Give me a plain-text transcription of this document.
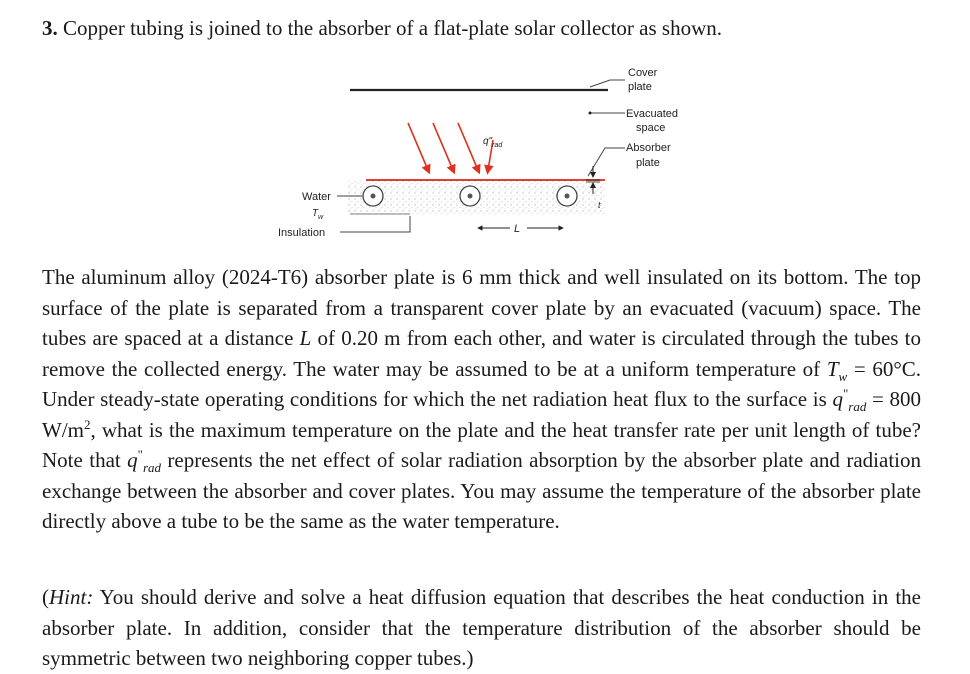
3. Copper tubing is joined to the absorber of a flat-plate solar collector as shown.
Cover
plate
Evacuated
space
Absorber
plate
$q"_{rad}$
t
L
Water
$T_w$
Insulation
The aluminum alloy (2024-T6) absorber plate is 6 mm thick and well insulated on its bottom. The top surface of the plate is separated from a transparent cover plate by an evacuated (vacuum) space. The tubes are spaced at a distance L of 0.20 m from each other, and water is circulated through the tubes to remove the collected energy. The water may be assumed to be at a uniform temperature of $T_w = 60^\circ C$. Under steady-state operating conditions for which the net radiation heat flux to the surface is $q^"_{rad} = 800$ $W/m^2$, what is the maximum temperature on the plate and the heat transfer rate per unit length of tube? Note that $q^"_{rad}$ represents the net effect of solar radiation absorption by the absorber plate and radiation exchange between the absorber and cover plates. You may assume the temperature of the absorber plate directly above a tube to be the same as the water temperature.
(Hint: You should derive and solve a heat diffusion equation that describes the heat conduction in the absorber plate. In addition, consider that the temperature distribution of the absorber should be symmetric between two neighboring copper tubes.)
